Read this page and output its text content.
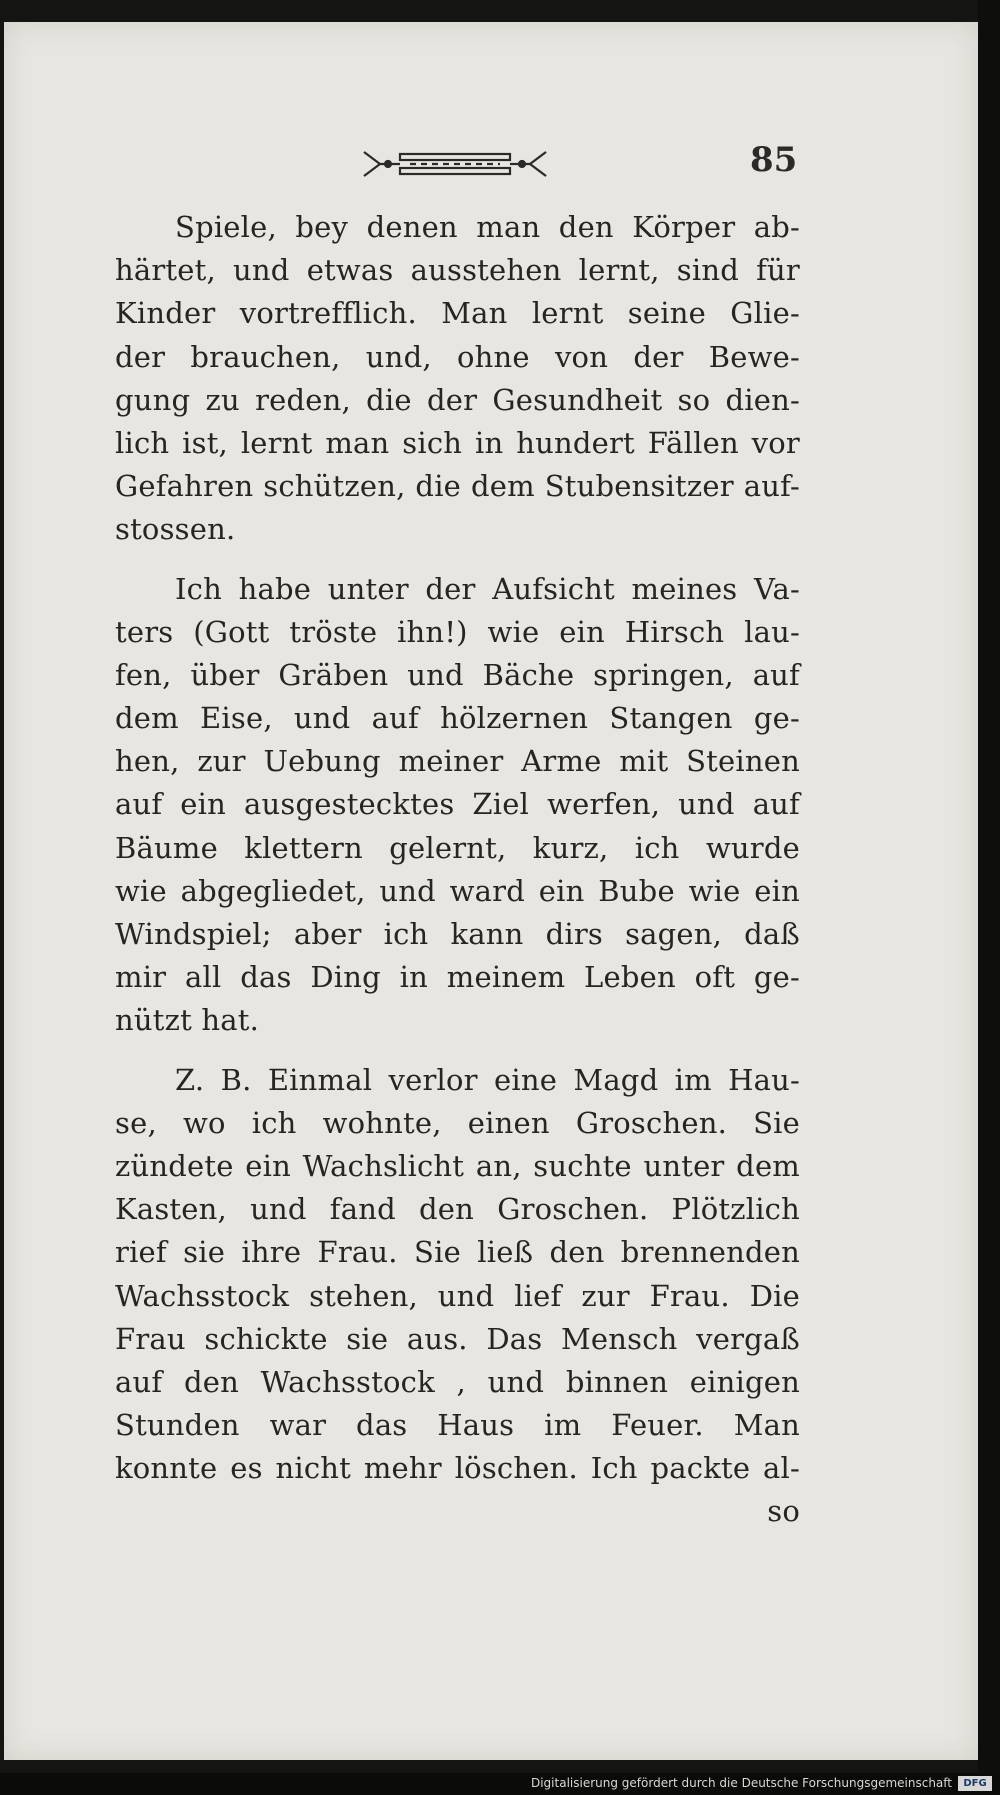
85
Spiele, bey denen man den Körper ab-
härtet, und etwas ausstehen lernt, sind für
Kinder vortrefflich. Man lernt seine Glie-
der brauchen, und, ohne von der Bewe-
gung zu reden, die der Gesundheit so dien-
lich ist, lernt man sich in hundert Fällen vor
Gefahren schützen, die dem Stubensitzer auf-
stossen.
Ich habe unter der Aufsicht meines Va-
ters (Gott tröste ihn!) wie ein Hirsch lau-
fen, über Gräben und Bäche springen, auf
dem Eise, und auf hölzernen Stangen ge-
hen, zur Uebung meiner Arme mit Steinen
auf ein ausgestecktes Ziel werfen, und auf
Bäume klettern gelernt, kurz, ich wurde
wie abgegliedet, und ward ein Bube wie ein
Windspiel; aber ich kann dirs sagen, daß
mir all das Ding in meinem Leben oft ge-
nützt hat.
Z. B. Einmal verlor eine Magd im Hau-
se, wo ich wohnte, einen Groschen. Sie
zündete ein Wachslicht an, suchte unter dem
Kasten, und fand den Groschen. Plötzlich
rief sie ihre Frau. Sie ließ den brennenden
Wachsstock stehen, und lief zur Frau. Die
Frau schickte sie aus. Das Mensch vergaß
auf den Wachsstock , und binnen einigen
Stunden war das Haus im Feuer. Man
konnte es nicht mehr löschen. Ich packte al-
so
Digitalisierung gefördert durch die Deutsche Forschungsgemeinschaft	DFG
